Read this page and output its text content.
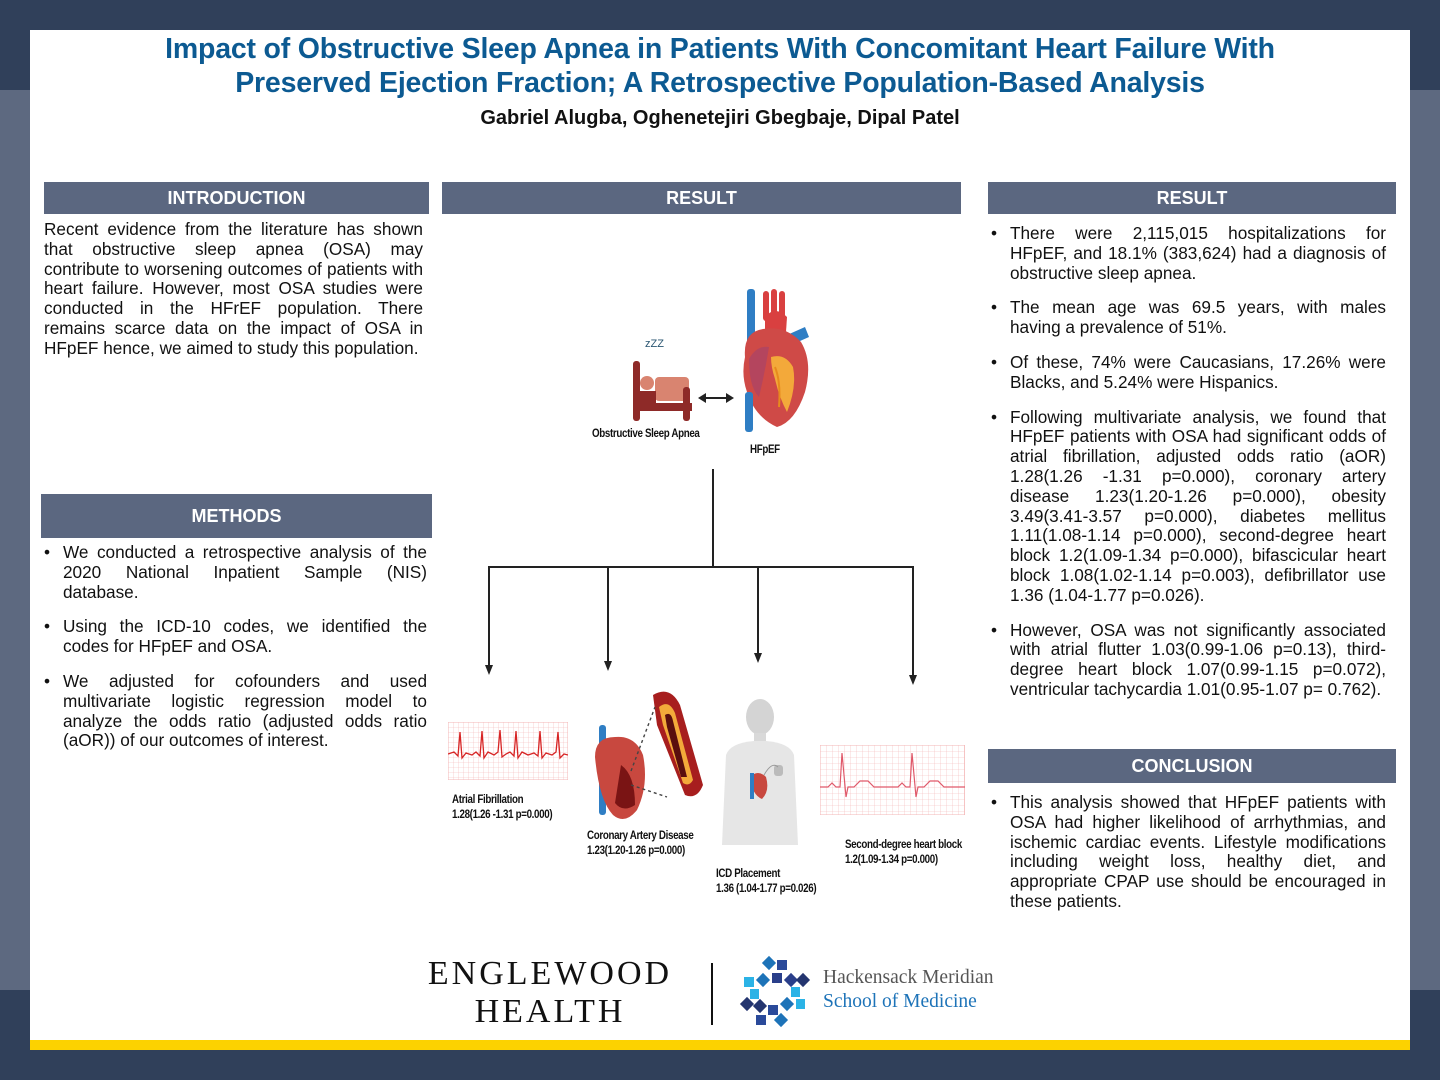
Impact of Obstructive Sleep Apnea in Patients With Concomitant Heart Failure With
Preserved Ejection Fraction; A Retrospective Population-Based Analysis
Gabriel Alugba, Oghenetejiri Gbegbaje, Dipal Patel
INTRODUCTION
Recent evidence from the literature has shown that obstructive sleep apnea (OSA) may contribute to worsening outcomes of patients with heart failure. However, most OSA studies were conducted in the HFrEF population. There remains scarce data on the impact of OSA in HFpEF hence, we aimed to study this population.
METHODS
• We conducted a retrospective analysis of the 2020 National Inpatient Sample (NIS) database.
• Using the ICD-10 codes, we identified the codes for HFpEF and OSA.
• We adjusted for cofounders and used multivariate logistic regression model to analyze the odds ratio (adjusted odds ratio (aOR)) of our outcomes of interest.
RESULT
zZZ
Obstructive Sleep Apnea
HFpEF
Atrial Fibrillation
1.28(1.26 -1.31 p=0.000)
Coronary Artery Disease
1.23(1.20-1.26 p=0.000)
ICD Placement
1.36 (1.04-1.77 p=0.026)
Second-degree heart block
1.2(1.09-1.34 p=0.000)
RESULT
• There were 2,115,015 hospitalizations for HFpEF, and 18.1% (383,624) had a diagnosis of obstructive sleep apnea.
• The mean age was 69.5 years, with males having a prevalence of 51%.
• Of these, 74% were Caucasians, 17.26% were Blacks, and 5.24% were Hispanics.
• Following multivariate analysis, we found that HFpEF patients with OSA had significant odds of atrial fibrillation, adjusted odds ratio (aOR) 1.28(1.26 -1.31 p=0.000), coronary artery disease 1.23(1.20-1.26 p=0.000), obesity 3.49(3.41-3.57 p=0.000), diabetes mellitus 1.11(1.08-1.14 p=0.000), second-degree heart block 1.2(1.09-1.34 p=0.000), bifascicular heart block 1.08(1.02-1.14 p=0.003), defibrillator use 1.36 (1.04-1.77 p=0.026).
• However, OSA was not significantly associated with atrial flutter 1.03(0.99-1.06 p=0.13), third-degree heart block 1.07(0.99-1.15 p=0.072), ventricular tachycardia 1.01(0.95-1.07 p= 0.762).
CONCLUSION
• This analysis showed that HFpEF patients with OSA had higher likelihood of arrhythmias, and ischemic cardiac events. Lifestyle modifications including weight loss, healthy diet, and appropriate CPAP use should be encouraged in these patients.
ENGLEWOOD
HEALTH
Hackensack Meridian
School of Medicine
